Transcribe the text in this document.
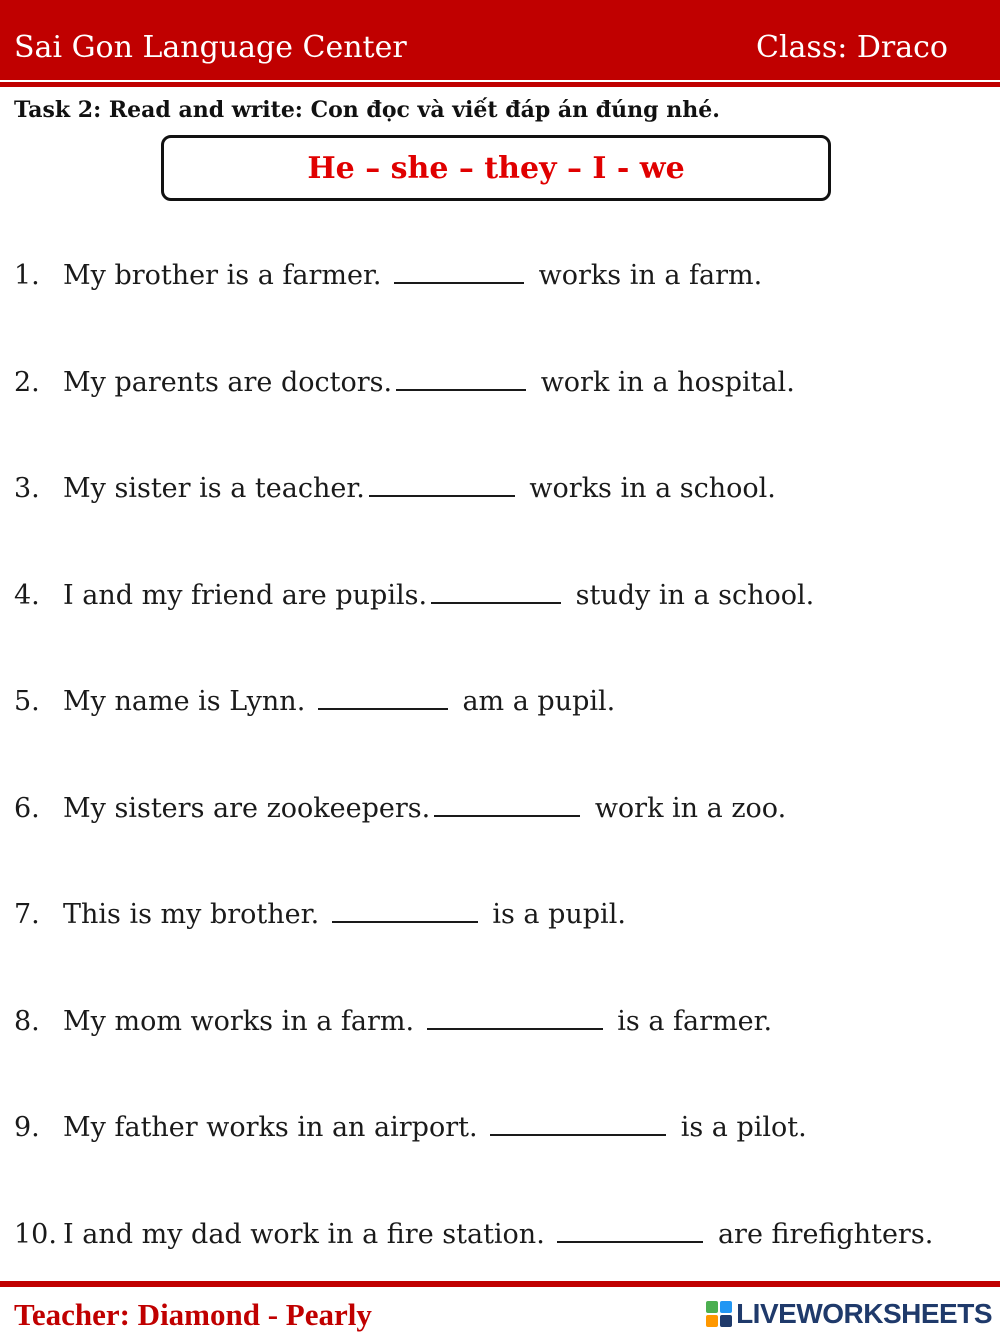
Sai Gon Language Center	Class: Draco
Task 2: Read and write: Con đọc và viết đáp án đúng nhé.
He – she – they – I - we
1. My brother is a farmer.	works in a farm.
2. My parents are doctors.	work in a hospital.
3. My sister is a teacher.	works in a school.
4. I and my friend are pupils.	study in a school.
5. My name is Lynn.	am a pupil.
6. My sisters are zookeepers.	work in a zoo.
7. This is my brother.	is a pupil.
8. My mom works in a farm.	is a farmer.
9. My father works in an airport.	is a pilot.
10. I and my dad work in a fire station.	are firefighters.
Teacher: Diamond - Pearly	LIVEWORKSHEETS
